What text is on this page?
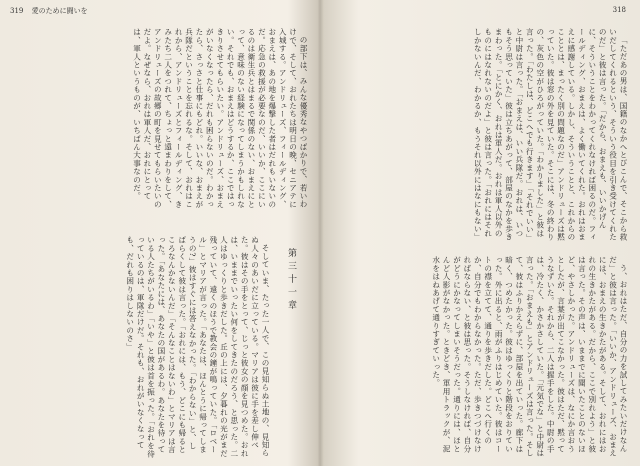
319 愛のために闘いを

の部下は、みんな優秀なやつばかりで、若いわけで、そして、おれたちは明日の晩、セニアテに入城する。アンドリューズ、フィールディング、おまえは、あの地を爆撃した者はだれもいないのだ。応急の救援が必要なのだ、いいか、ここにいるのは衛生兵とはまるで関係のない、おまえにとって、意味のない経験になってしまうかもしれない。それでも、おまえはどうするか、ここではっきりさせてもらいたい。アンドリューズ、おまえがいなくなったら、だれも困らないのだ。わかったら、さっさと仕事にもどれ。いいな、おまえが兵隊だということを忘れるな。そして、おれはこれから、アンドリューズとフィールディング、きみたち二人をつれて、ちょっと遠まわりをして、アンドリューズの故郷の町を見せてもらいたいのだよ。なぜなら、おれは軍人だ、おれにとっては、軍人というものが、いちばん大事なのだ。

第三十一章

そしていま、たった一人で、この見知らぬ土地の、見知らぬ人々のあいだに立っている。マリアは彼に手を差し伸べた。彼はその手をとって、じっと彼女の顔を見つめた。おれは、いままでいったい何をしてきたのだろう、と思った。二人はゆっくりと歩きだした。丘の上には、夕暮れの光がまだ残っていて、遠くのほうで教会の鐘が鳴っていた。「ロベール」とマリアが言った。「あなたは、ほんとうに帰ってしまうの?」彼はすぐには答えなかった。「わからない」と、しばらくして彼は言った。「おれには、もう、どこにも帰るところなんかないんだ」「そんなことはないわ」とマリアは言った。「あなたには、あなたの国があるわ。あなたを待っている人たちがいるわ」「いや」と彼は首を振った。「おれを待っているのは、軍隊だけだ。それも、おれがいなくなっても、だれも困りはしないのさ」

318

「ただあの男は、国籍のなかへとびこんで、そこから救いだしてくれるという、そういう役目を引き受けてくれたのだ」と彼は言った。「だから、おまえも、いいかげんに、そういうことをわかってくれなければ困るのだ。フィールディング、おまえは、よく働いてくれた。おれはおまえに感謝している。しかし、そういうことと、これからのこととは、まったく別の問題なのだ」アンドリューズは黙っていた。彼は窓の外を見ていた。そこには、冬の終わりの、灰色の空がひろがっていた。「わかりました」と彼は言った。「わたしは、どこへでも行きます」「それでいい」と中尉は言った。「おまえは、いい兵隊だ。おれは、いつもそう思っていた」彼は立ちあがって、部屋のなかを歩きまわった。「とにかく、おれは軍人だ。おれは軍人以外のものにはなれないのだよ」と彼は言った。「おれにはそれしかないんだ、わかるか、もうそれ以外にはなにもない」

う、おれはただ、自分の力を試してみたいだけなんだ」と彼は言った。「いいか、アンドリューズ、おまえには、おまえの生きかたがある。そして、おれにはおれの生きかたがある。だから、ここで別れよう」と彼は言った。その声は、いままでに聞いたことのないほど、やさしかった。アンドリューズは、なにか言おうとしたが、言葉が出てこなかった。彼はただ、黙ってうなずいた。それから、二人は握手をした。中尉の手は、冷たく、かさかさしていた。「元気でな」と中尉は言った。「おまえも」とアンドリューズは言った。そして、彼はふりかえらずに、部屋を出ていった。廊下は暗く、つめたかった。彼はゆっくりと階段をおりていった。外に出ると、雨がふりはじめていた。彼はコートの襟を立てて、通りを歩きだした。どこへ行くのか、自分でもわからなかった。ただ、歩きつづけなければならない、と彼は思った。そうしなければ、自分がどうにかなってしまいそうだった。通りには、ほとんど人影がなかった。ときどき、軍用トラックが、泥水をはねあげて通りすぎていった。
